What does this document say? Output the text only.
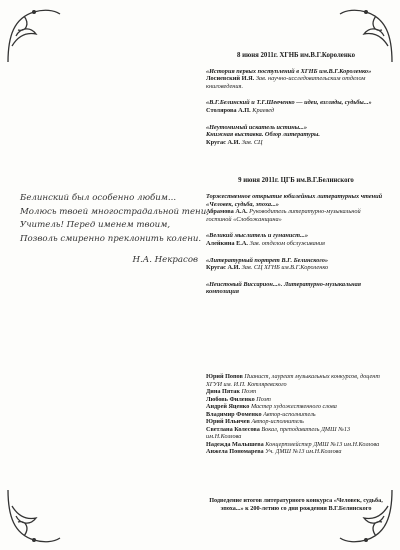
Белинский был особенно любим...
Молюсь твоей многострадальной тени,
Учитель! Перед именем твоим,
Позволь смиренно преклонить колени.
Н.А. Некрасов
8 июня 2011г. ХГНБ им.В.Г.Короленко
«История первых поступлений в ХГНБ им.В.Г.Короленко»
Лосиевский И.Я. Зав. научно-исследовательским отделом книговедения.
«В.Г.Белинский и Т.Г.Шевченко — идеи, взгляды, судьбы...»
Столярова А.П. Краевед
«Неутомимый искатель истины...»
Книжная выставка. Обзор литературы.
Кругас А.И. Зав. СЦ
9 июня 2011г. ЦГБ им.В.Г.Белинского
Торжественное открытие юбилейных литературных чтений «Человек, судьба, эпоха...»
Абрамова А.А. Руководитель литературно-музыкальной гостиной «Слобожанщина»
«Великий мыслитель и гуманист...»
Алейкина Е.А. Зав. отделом обслуживания
«Литературный портрет В.Г. Белинского»
Кругас А.И. Зав. СЦ ХГНБ им.В.Г.Короленко
«Неистовый Виссарион...». Литературно-музыкальная композиция
Юрий Попов Пианист, лауреат музыкальных конкурсов, доцент ХГУИ им. И.П. Котляревского
Дина Пятак Поэт
Любовь Филенко Поэт
Андрей Яценко Мастер художественного слова
Владимир Фоменко Автор-исполнитель
Юрий Ильичев Автор-исполнитель
Светлана Колесова Вокал, преподаватель ДМШ №13 им.Н.Козлова
Надежда Малышева Концертмейстер ДМШ №13 им.Н.Козлова
Анжела Пономарева Уч. ДМШ №13 им.Н.Козлова
Подведение итогов литературного конкурса «Человек, судьба, эпоха...» к 200-летию со дня рождения В.Г.Белинского
